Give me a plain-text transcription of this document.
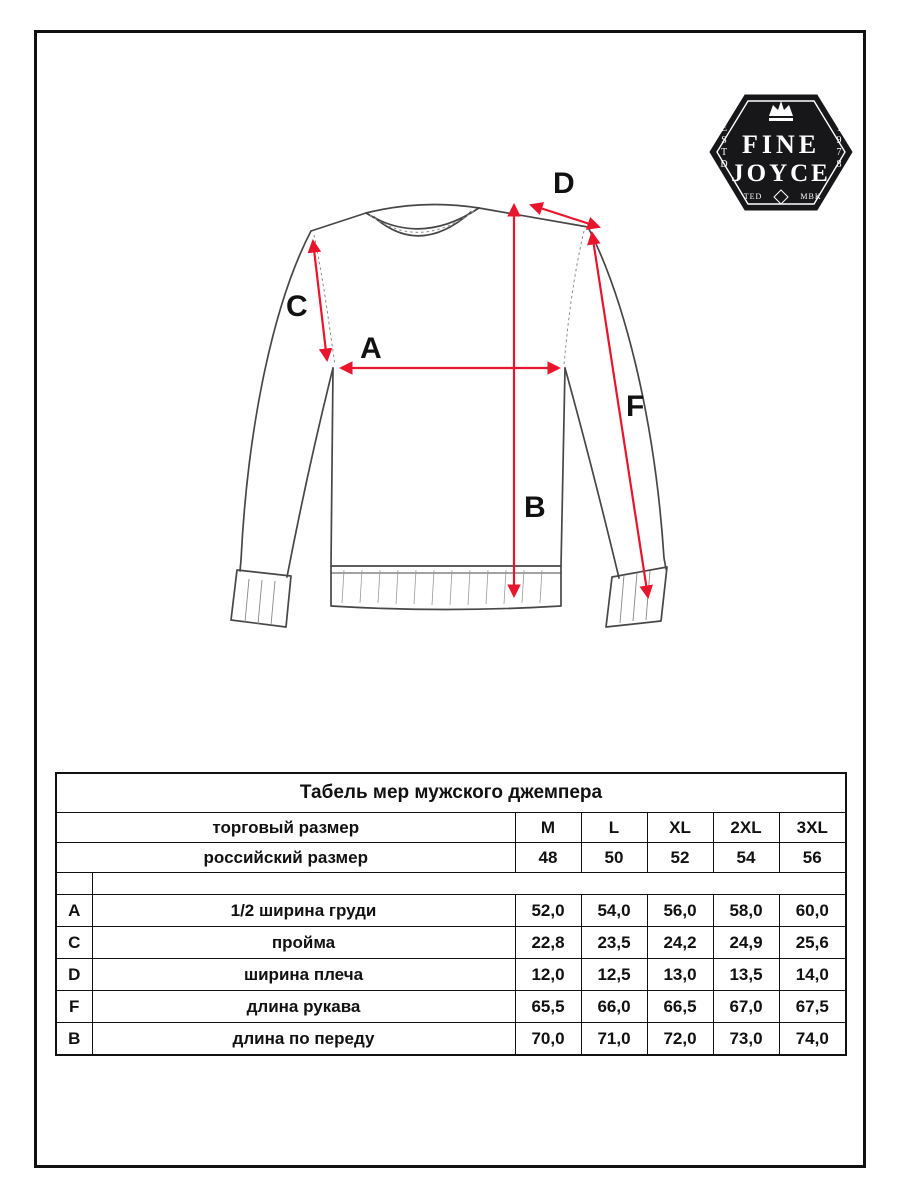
D
C
A
B
F
FINE
JOYCE
E
S
T
D
1
9
7
8
TED	MBK
Табель мер мужского джемпера						
торговый размер		M	L	XL	2XL	3XL
российский размер		48	50	52	54	56

A	1/2 ширина груди	52,0	54,0	56,0	58,0	60,0
C	пройма	22,8	23,5	24,2	24,9	25,6
D	ширина плеча	12,0	12,5	13,0	13,5	14,0
F	длина рукава	65,5	66,0	66,5	67,0	67,5
B	длина по переду	70,0	71,0	72,0	73,0	74,0
